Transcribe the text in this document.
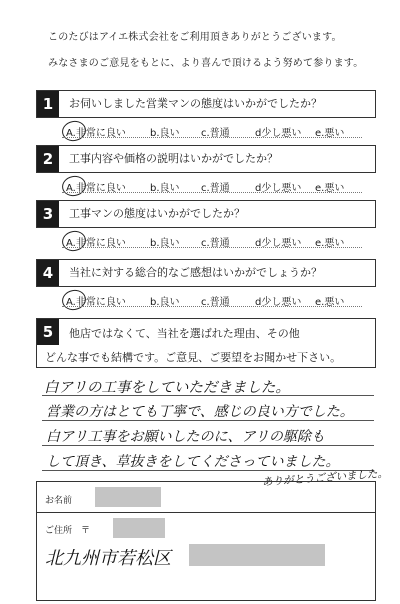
このたびはアイエ株式会社をご利用頂きありがとうございます。
みなさまのご意見をもとに、より喜んで頂けるよう努めて参ります。
1	お伺いしました営業マンの態度はいかがでしたか？
A.非常に良い b.良い c.普通	d少し悪い e.悪い
2	工事内容や価格の説明はいかがでしたか？
A.非常に良い b.良い c.普通	d少し悪い e.悪い
3	工事マンの態度はいかがでしたか？
A.非常に良い b.良い c.普通	d少し悪い e.悪い
4	当社に対する総合的なご感想はいかがでしょうか？
A.非常に良い b.良い c.普通	d少し悪い e.悪い
5	他店ではなくて、当社を選ばれた理由、その他
どんな事でも結構です。ご意見、ご要望をお聞かせ下さい。
白アリの工事をしていただきました。
営業の方はとても丁寧で、感じの良い方でした。
白アリ工事をお願いしたのに、アリの駆除も
して頂き、草抜きをしてくださっていました。
ありがとうございました。
お名前
ご住所　〒
北九州市若松区
